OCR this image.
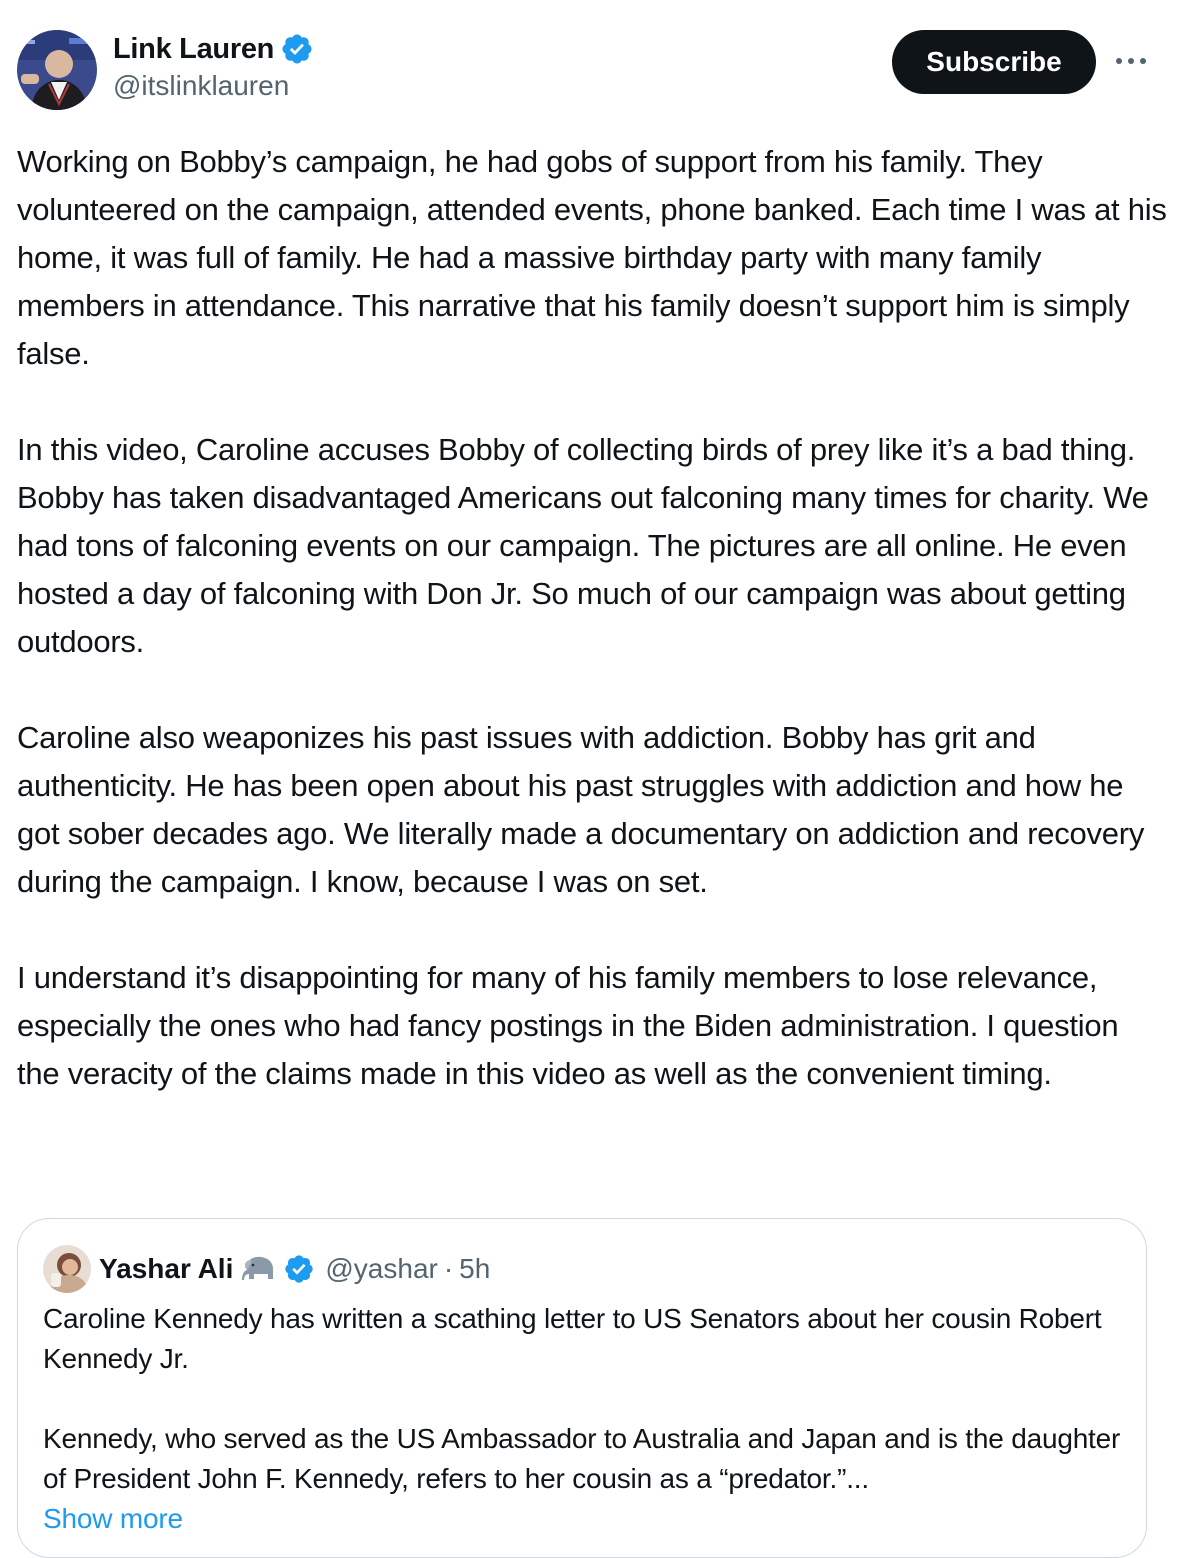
Link Lauren
@itslinklauren
Subscribe

Working on Bobby’s campaign, he had gobs of support from his family. They volunteered on the campaign, attended events, phone banked. Each time I was at his home, it was full of family. He had a massive birthday party with many family members in attendance. This narrative that his family doesn’t support him is simply false.

In this video, Caroline accuses Bobby of collecting birds of prey like it’s a bad thing. Bobby has taken disadvantaged Americans out falconing many times for charity. We had tons of falconing events on our campaign. The pictures are all online. He even hosted a day of falconing with Don Jr. So much of our campaign was about getting outdoors.

Caroline also weaponizes his past issues with addiction. Bobby has grit and authenticity. He has been open about his past struggles with addiction and how he got sober decades ago. We literally made a documentary on addiction and recovery during the campaign. I know, because I was on set.

I understand it’s disappointing for many of his family members to lose relevance, especially the ones who had fancy postings in the Biden administration. I question the veracity of the claims made in this video as well as the convenient timing.

Yashar Ali	@yashar · 5h

Caroline Kennedy has written a scathing letter to US Senators about her cousin Robert Kennedy Jr.

Kennedy, who served as the US Ambassador to Australia and Japan and is the daughter of President John F. Kennedy, refers to her cousin as a “predator.”...

Show more
